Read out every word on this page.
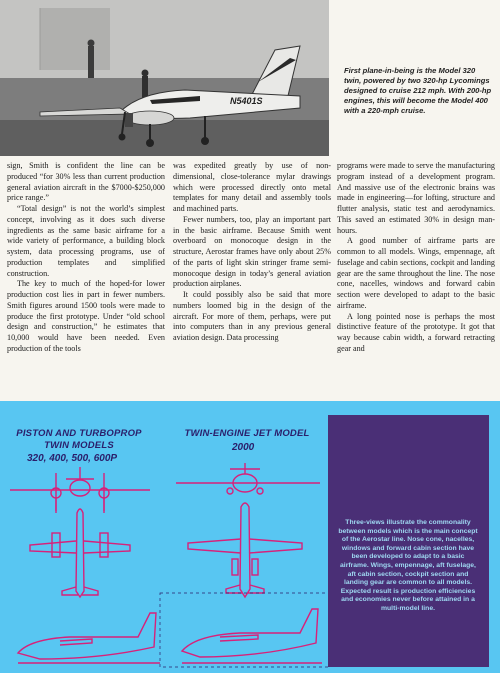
N5401S
First plane-in-being is the Model 320 twin, powered by two 320-hp Lycomings designed to cruise 212 mph. With 200-hp engines, this will become the Model 400 with a 220-mph cruise.

sign, Smith is confident the line can be produced “for 30% less than current production general aviation aircraft in the $7000-$250,000 price range.”

“Total design” is not the world’s simplest concept, involving as it does such diverse ingredients as the same basic airframe for a wide variety of performance, a building block system, data processing programs, use of production templates and simplified construction.

The key to much of the hoped-for lower production cost lies in part in fewer numbers. Smith figures around 1500 tools were made to produce the first prototype. Under “old school design and construction,” he estimates that 10,000 would have been needed. Even production of the tools

was expedited greatly by use of non-dimensional, close-tolerance mylar drawings which were processed directly onto metal templates for many detail and assembly tools and machined parts.

Fewer numbers, too, play an important part in the basic airframe. Because Smith went overboard on monocoque design in the structure, Aerostar frames have only about 25% of the parts of light skin stringer frame semi-monocoque design in today’s general aviation production airplanes.

It could possibly also be said that more numbers loomed big in the design of the aircraft. For more of them, perhaps, were put into computers than in any previous general aviation design. Data processing

programs were made to serve the manufacturing program instead of a development program. And massive use of the electronic brains was made in engineering—for lofting, structure and flutter analysis, static test and aerodynamics. This saved an estimated 30% in design man-hours.

A good number of airframe parts are common to all models. Wings, empennage, aft fuselage and cabin sections, cockpit and landing gear are the same throughout the line. The nose cone, nacelles, windows and forward cabin section were developed to adapt to the basic airframe.

A long pointed nose is perhaps the most distinctive feature of the prototype. It got that way because cabin width, a forward retracting gear and

PISTON AND TURBOPROP
TWIN MODELS
320, 400, 500, 600P
TWIN-ENGINE JET MODEL
2000
Three-views illustrate the commonality between models which is the main concept of the Aerostar line. Nose cone, nacelles, windows and forward cabin section have been developed to adapt to a basic airframe. Wings, empennage, aft fuselage, aft cabin section, cockpit section and landing gear are common to all models. Expected result is production efficiencies and economies never before attained in a multi-model line.
